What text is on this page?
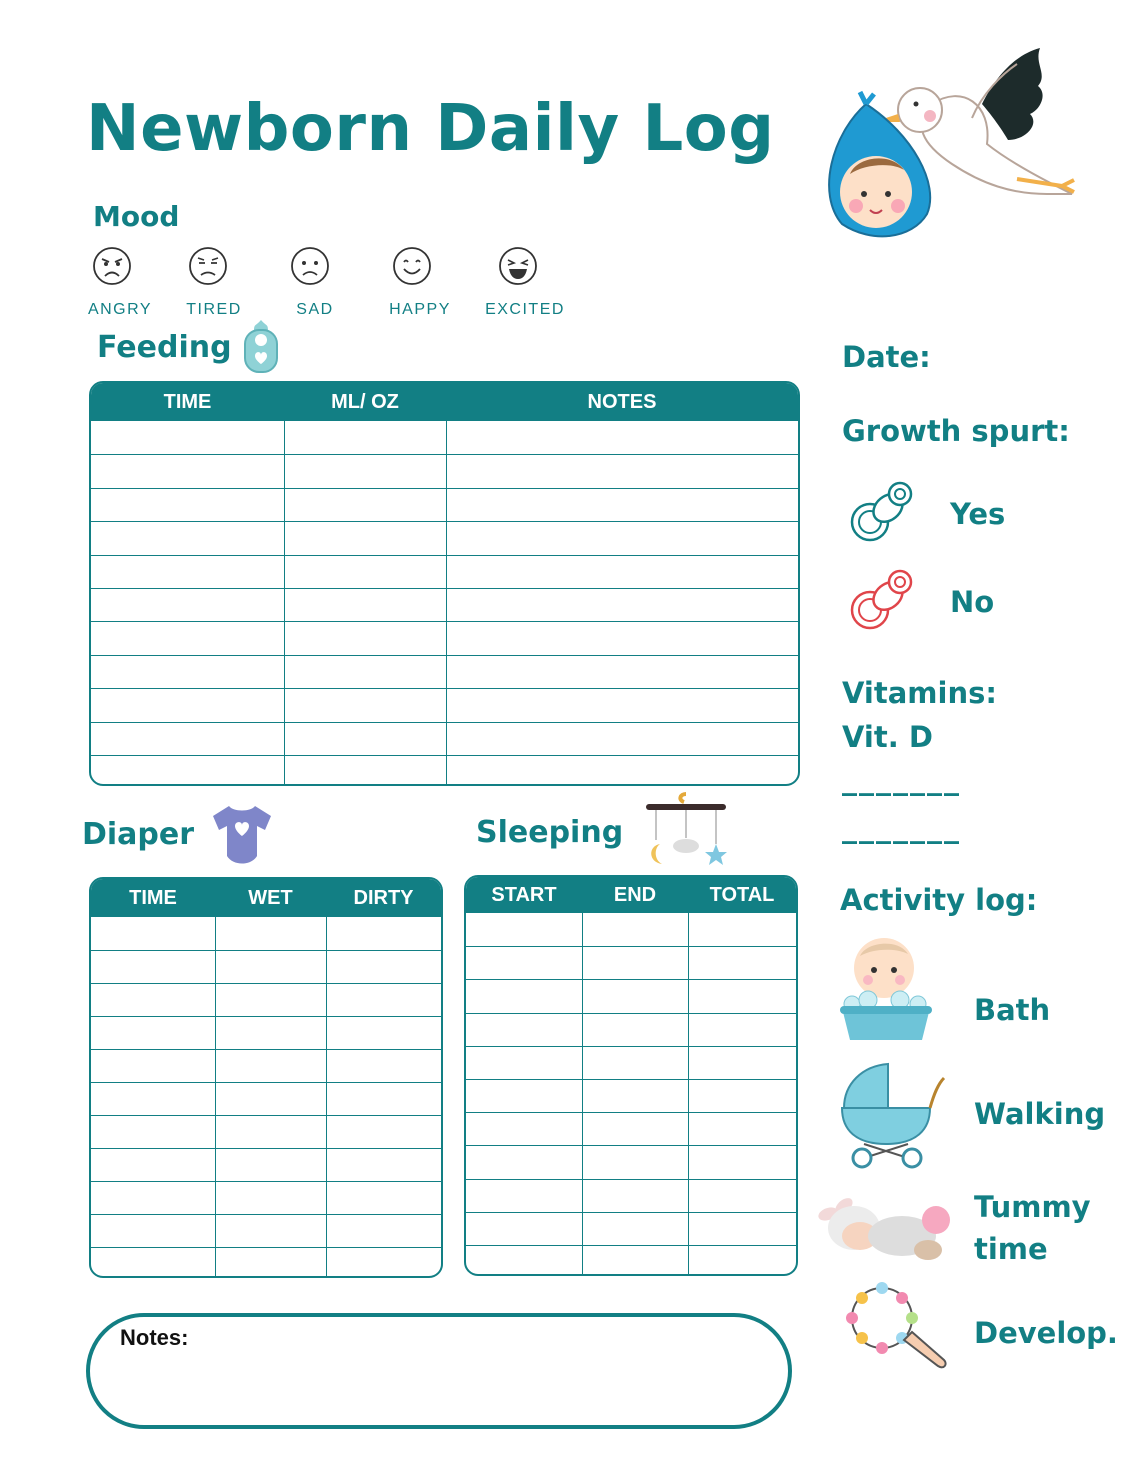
Newborn Daily Log
Mood
ANGRY	TIRED	SAD	HAPPY	EXCITED
Feeding
TIME	ML/ OZ	NOTES
Diaper
TIME	WET	DIRTY
Sleeping
START	END	TOTAL
Notes:
Date:
Growth spurt:
Yes
No
Vitamins:
Vit. D
_______
_______
Activity log:
Bath
Walking
Tummy
time
Develop.
